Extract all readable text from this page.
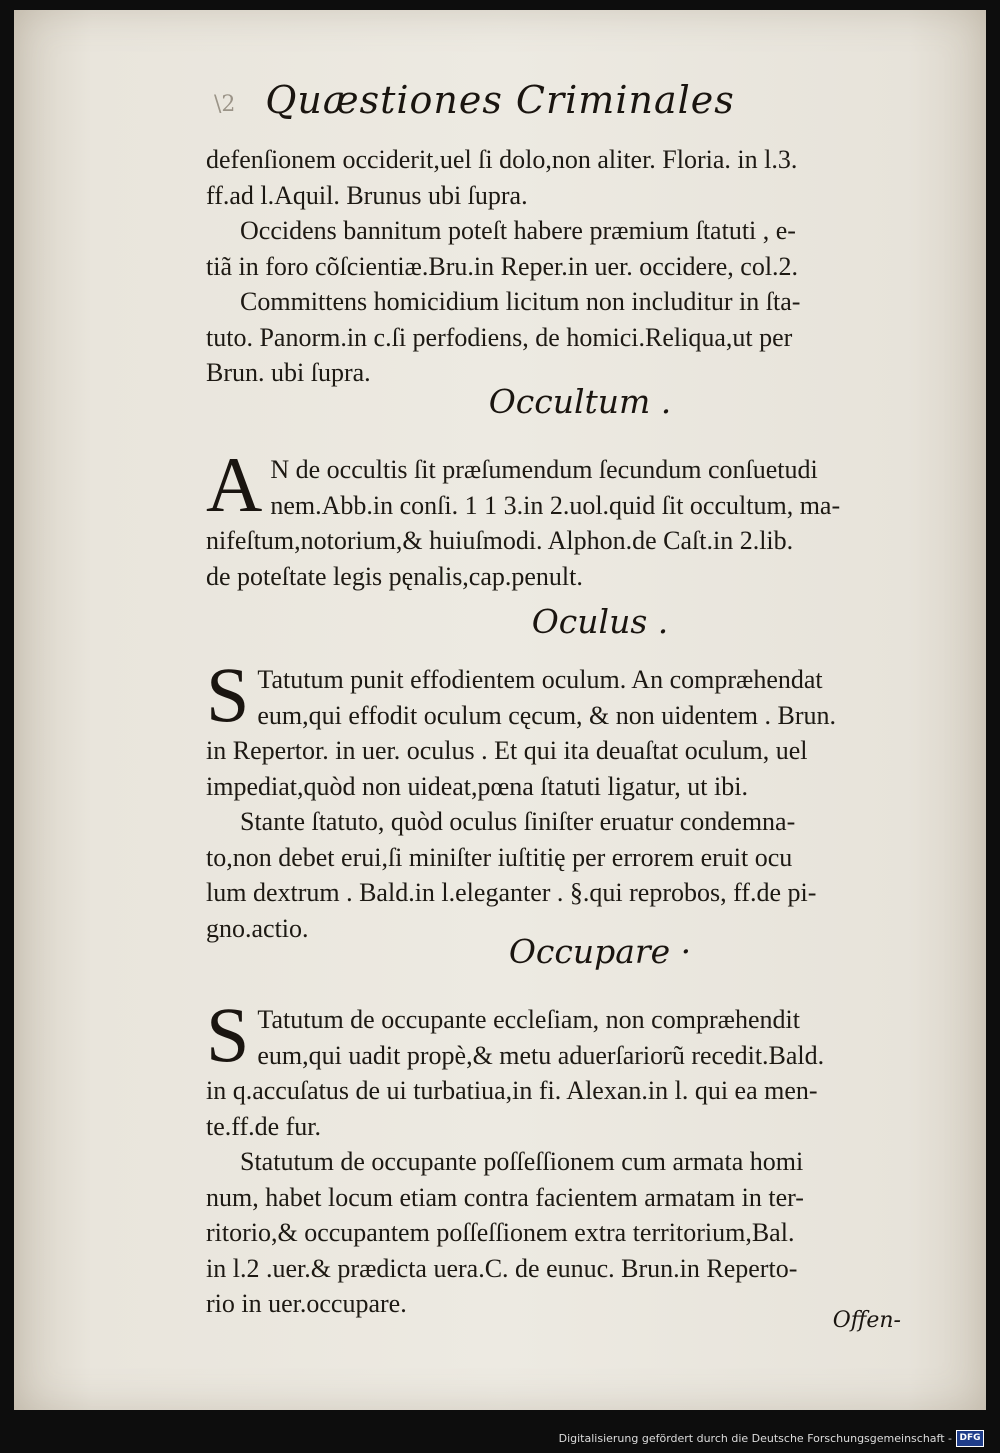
\2 Quæstiones Criminales
defenſionem occiderit,uel ſi dolo,non aliter. Floria. in l.3.
ff.ad l.Aquil. Brunus ubi ſupra.
Occidens bannitum poteſt habere præmium ſtatuti , e-
tiã in foro cõſcientiæ.Bru.in Reper.in uer. occidere, col.2.
Committens homicidium licitum non includitur in ſta-
tuto. Panorm.in c.ſi perfodiens, de homici.Reliqua,ut per
Brun. ubi ſupra.
Occultum .
A N de occultis ſit præſumendum ſecundum conſuetudi
nem.Abb.in conſi. 1 1 3.in 2.uol.quid ſit occultum, ma-
nifeſtum,notorium,& huiuſmodi. Alphon.de Caſt.in 2.lib.
de poteſtate legis pęnalis,cap.penult.
Oculus .
S Tatutum punit effodientem oculum. An compræhendat
eum,qui effodit oculum cęcum, & non uidentem . Brun.
in Repertor. in uer. oculus . Et qui ita deuaſtat oculum, uel
impediat,quòd non uideat,pœna ſtatuti ligatur, ut ibi.
Stante ſtatuto, quòd oculus ſiniſter eruatur condemna-
to,non debet erui,ſi miniſter iuſtitię per errorem eruit ocu
lum dextrum . Bald.in l.eleganter . §.qui reprobos, ff.de pi-
gno.actio.
Occupare ·
S Tatutum de occupante eccleſiam, non compræhendit
eum,qui uadit propè,& metu aduerſariorũ recedit.Bald.
in q.accuſatus de ui turbatiua,in fi. Alexan.in l. qui ea men-
te.ff.de fur.
Statutum de occupante poſſeſſionem cum armata homi
num, habet locum etiam contra facientem armatam in ter-
ritorio,& occupantem poſſeſſionem extra territorium,Bal.
in l.2 .uer.& prædicta uera.C. de eunuc. Brun.in Reperto-
rio in uer.occupare.
Offen-
Digitalisierung gefördert durch die Deutsche Forschungsgemeinschaft - DFG
